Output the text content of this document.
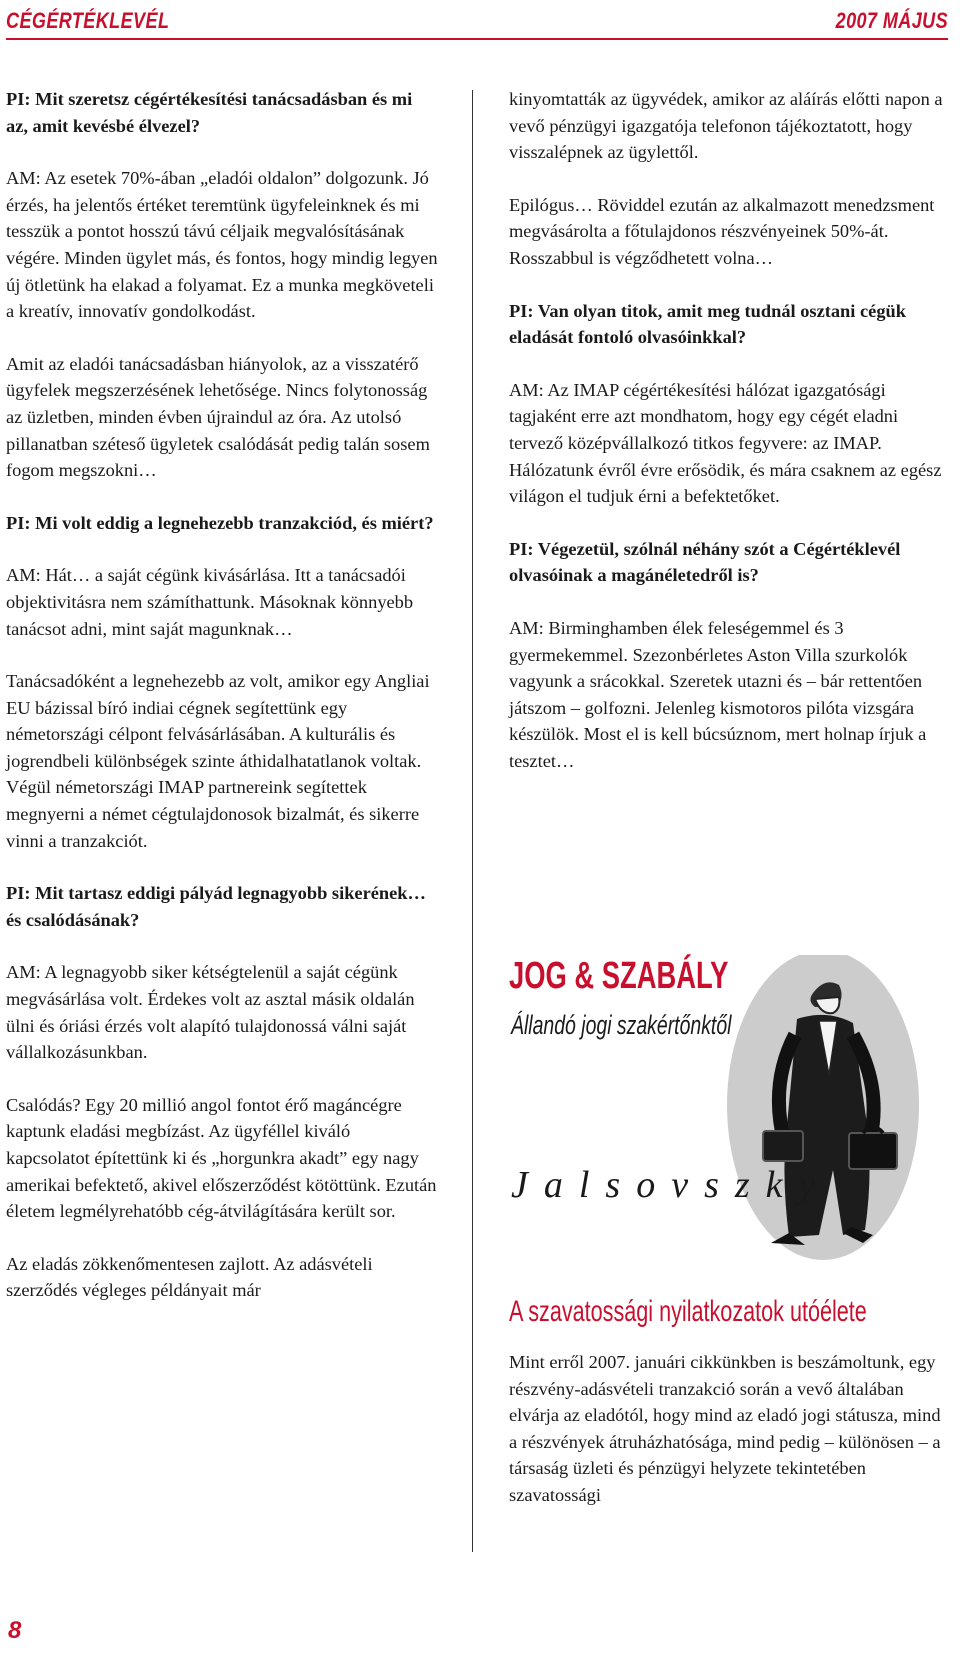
CÉGÉRTÉKLEVÉL	2007 MÁJUS

PI: Mit szeretsz cégértékesítési tanácsadásban és mi az, amit kevésbé élvezel?

AM: Az esetek 70%-ában „eladói oldalon” dolgozunk. Jó érzés, ha jelentős értéket teremtünk ügyfeleinknek és mi tesszük a pontot hosszú távú céljaik megvalósításának végére. Minden ügylet más, és fontos, hogy mindig legyen új ötletünk ha elakad a folyamat. Ez a munka megköveteli a kreatív, innovatív gondolkodást.

Amit az eladói tanácsadásban hiányolok, az a visszatérő ügyfelek megszerzésének lehetősége. Nincs folytonosság az üzletben, minden évben újraindul az óra. Az utolsó pillanatban széteső ügyletek csalódását pedig talán sosem fogom megszokni…

PI: Mi volt eddig a legnehezebb tranzakciód, és miért?

AM: Hát… a saját cégünk kivásárlása. Itt a tanácsadói objektivitásra nem számíthattunk. Másoknak könnyebb tanácsot adni, mint saját magunknak…

Tanácsadóként a legnehezebb az volt, amikor egy Angliai EU bázissal bíró indiai cégnek segítettünk egy németországi célpont felvásárlásában. A kulturális és jogrendbeli különbségek szinte áthidalhatatlanok voltak. Végül németországi IMAP partnereink segítettek megnyerni a német cégtulajdonosok bizalmát, és sikerre vinni a tranzakciót.

PI: Mit tartasz eddigi pályád legnagyobb sikerének… és csalódásának?

AM: A legnagyobb siker kétségtelenül a saját cégünk megvásárlása volt. Érdekes volt az asztal másik oldalán ülni és óriási érzés volt alapító tulajdonossá válni saját vállalkozásunkban.

Csalódás? Egy 20 millió angol fontot érő magáncégre kaptunk eladási megbízást. Az ügyféllel kiváló kapcsolatot építettünk ki és „horgunkra akadt” egy nagy amerikai befektető, akivel előszerződést kötöttünk. Ezután életem legmélyrehatóbb cég-átvilágítására került sor.

Az eladás zökkenőmentesen zajlott. Az adásvételi szerződés végleges példányait már

kinyomtatták az ügyvédek, amikor az aláírás előtti napon a vevő pénzügyi igazgatója telefonon tájékoztatott, hogy visszalépnek az ügylettől.

Epilógus… Röviddel ezután az alkalmazott menedzsment megvásárolta a főtulajdonos részvényeinek 50%-át. Rosszabbul is végződhetett volna…

PI: Van olyan titok, amit meg tudnál osztani cégük eladását fontoló olvasóinkkal?

AM: Az IMAP cégértékesítési hálózat igazgatósági tagjaként erre azt mondhatom, hogy egy cégét eladni tervező középvállalkozó titkos fegyvere: az IMAP. Hálózatunk évről évre erősödik, és mára csaknem az egész világon el tudjuk érni a befektetőket.

PI: Végezetül, szólnál néhány szót a Cégértéklevél olvasóinak a magánéletedről is?

AM: Birminghamben élek feleségemmel és 3 gyermekemmel. Szezonbérletes Aston Villa szurkolók vagyunk a srácokkal. Szeretek utazni és – bár rettentően játszom – golfozni. Jelenleg kismotoros pilóta vizsgára készülök. Most el is kell búcsúznom, mert holnap írjuk a tesztet…

JOG & SZABÁLY
Állandó jogi szakértőnktől
Jalsovszky
A szavatossági nyilatkozatok utóélete

Mint erről 2007. januári cikkünkben is beszámoltunk, egy részvény-adásvételi tranzakció során a vevő általában elvárja az eladótól, hogy mind az eladó jogi státusza, mind a részvények átruházhatósága, mind pedig – különösen – a társaság üzleti és pénzügyi helyzete tekintetében szavatossági

8
